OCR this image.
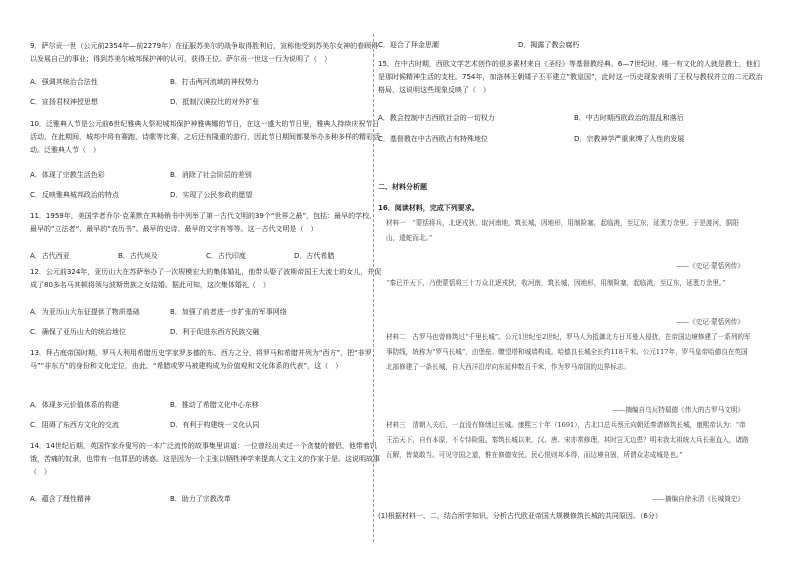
9．萨尔贡一世（公元前2354年—前2279年）在征服苏美尔的战争取得胜利后，宣称他受到苏美尔女神的眷顾得以发展自己的事业；得到苏美尔城邦保护神的认可，获得王位。萨尔贡一世这一行为说明了（　）
A．强调其统治合法性	B．打击两河流域的神权势力
C．宣扬君权神授思想	D．抵制汉谟拉比的对外扩张
10．泛雅典人节是公元前6世纪雅典人祭祀城邦保护神雅典娜的节日，在这一盛大的节日里，雅典人持续庆祝节日活动，在此期间，城邦中将有赛跑、诗歌等比赛，之后还有隆重的游行，因此节日期间都要举办多种多样的精彩活动。泛雅典人节（　）
A．体现了宗教生活色彩	B．消除了社会阶层的差别
C．反映雅典城邦政治的特点	D．实现了公民参政的愿望
11．1959年，美国学者乔尔·克莱默在其畅销书中列举了第一古代文明的39个“世界之最”，包括：最早的学校、最早的“立法者”、最早的“农历书”、最早的史诗、最早的文字有等等。这一古代文明是（　）
A．古代西亚	B．古代埃及	C．古代印度	D．古代希腊
12．公元前324年，亚历山大在苏萨举办了一次规模宏大的集体婚礼，他带头娶了波斯帝国王大流士的女儿，并促成了80多名马其顿将领与波斯贵族之女结婚。据此可知，这次集体婚礼（　）
A．为亚历山大东征提供了物质基础	B．加强了前者进一步扩张的军事网络
C．确保了亚历山大的统治地位	D．利于促进东西方民族交融
13．拜占庭帝国时期，罗马人利用希腊历史学家罗多德的东、西方之分，将罗马和希腊并列为“西方”，把“非罗马”“非东方”的身份和文化定位，由此，“希腊或罗马被建构成为价值观和文化体系的代表”，这（　）
A．体现多元价值体系的构建	B．推动了希腊文化中心东移
C．阻碍了东西方文化的交流	D．有利于构建统一文化认同
14．14世纪后期，英国作家乔叟写的一本广泛流传的故事集里讲道：一位曾经出卖过一个贪婪的僧侣，他带着饥饿，苦痛的奴隶，也带有一包罪恶的诱惑。这是因为一个主张以牺牲神学来提高人文主义的作家于是。这说明故事（　）
A．蕴含了理性精神	B．助力了宗教改革
C．迎合了拜金思潮	D．揭露了教会腐朽
15．在中古时期，西欧文学艺术创作的很多素材来自《圣经》等基督教经典，6—7世纪时，唯一有文化的人就是教士，他们是那时候精神生活的支柱。754年，加洛林王朝矮子丕平建立“教皇国”，此时这一历史现象表明了王权与教权并立的二元政治格局，这说明这些现象反映了（　）
A．教会控制中古西欧社会的一切权力	B．中古时期西欧政治的混乱和落后
C．基督教在中古西欧占有特殊地位	D．宗教神学严重束缚了人性的发展
二、材料分析题
16．阅读材料，完成下列要求。
材料一　“蒙恬将兵，北逐戎狄，取河南地，筑长城，因地形，用制险塞，起临洮，至辽东，延袤万余里。于是渡河，据阳山，逶蛇而北。”
——《史记·蒙恬列传》
“秦已并天下，乃使蒙恬将三十万众北逐戎狄，收河南，筑长城，因地形，用制险塞，起临洮，至辽东，延袤万余里。”
——《史记·蒙恬列传》
材料二　古罗马也曾修筑过“千里长城”。公元1世纪至2世纪，罗马人为抵御北方日耳曼人侵扰，在帝国边境修建了一系列的军事防线，统称为“罗马长城”，由堡垒、瞭望塔和城墙构成。哈德良长城全长约118千米。公元117年，罗马皇帝哈德良在英国北部修建了一条长城，自大西洋沿岸向东延伸数百千米，作为罗马帝国的边界标志。
——摘编自乌瓦特瑞德《伟大的古罗马文明》
材料三　清朝入关后，一直没有修缮过长城。康熙三十年（1691），古北口总兵蔡元向朝廷奏请修筑长城，康熙帝认为：“帝王治天下，自有本原，不专恃险阻。秦筑长城以来，汉、唐、宋亦常修理，其时岂无边患？明末我太祖统大兵长驱直入，诸路瓦解，皆莫敢当。可见守国之道，惟在修德安民。民心悦则邦本得，而边境自固，所谓众志成城是也。”
——摘编自徐永清《长城简史》
(1)根据材料一、二，结合所学知识，分析古代欧亚帝国大规模修筑长城的共同原因。（6分）
